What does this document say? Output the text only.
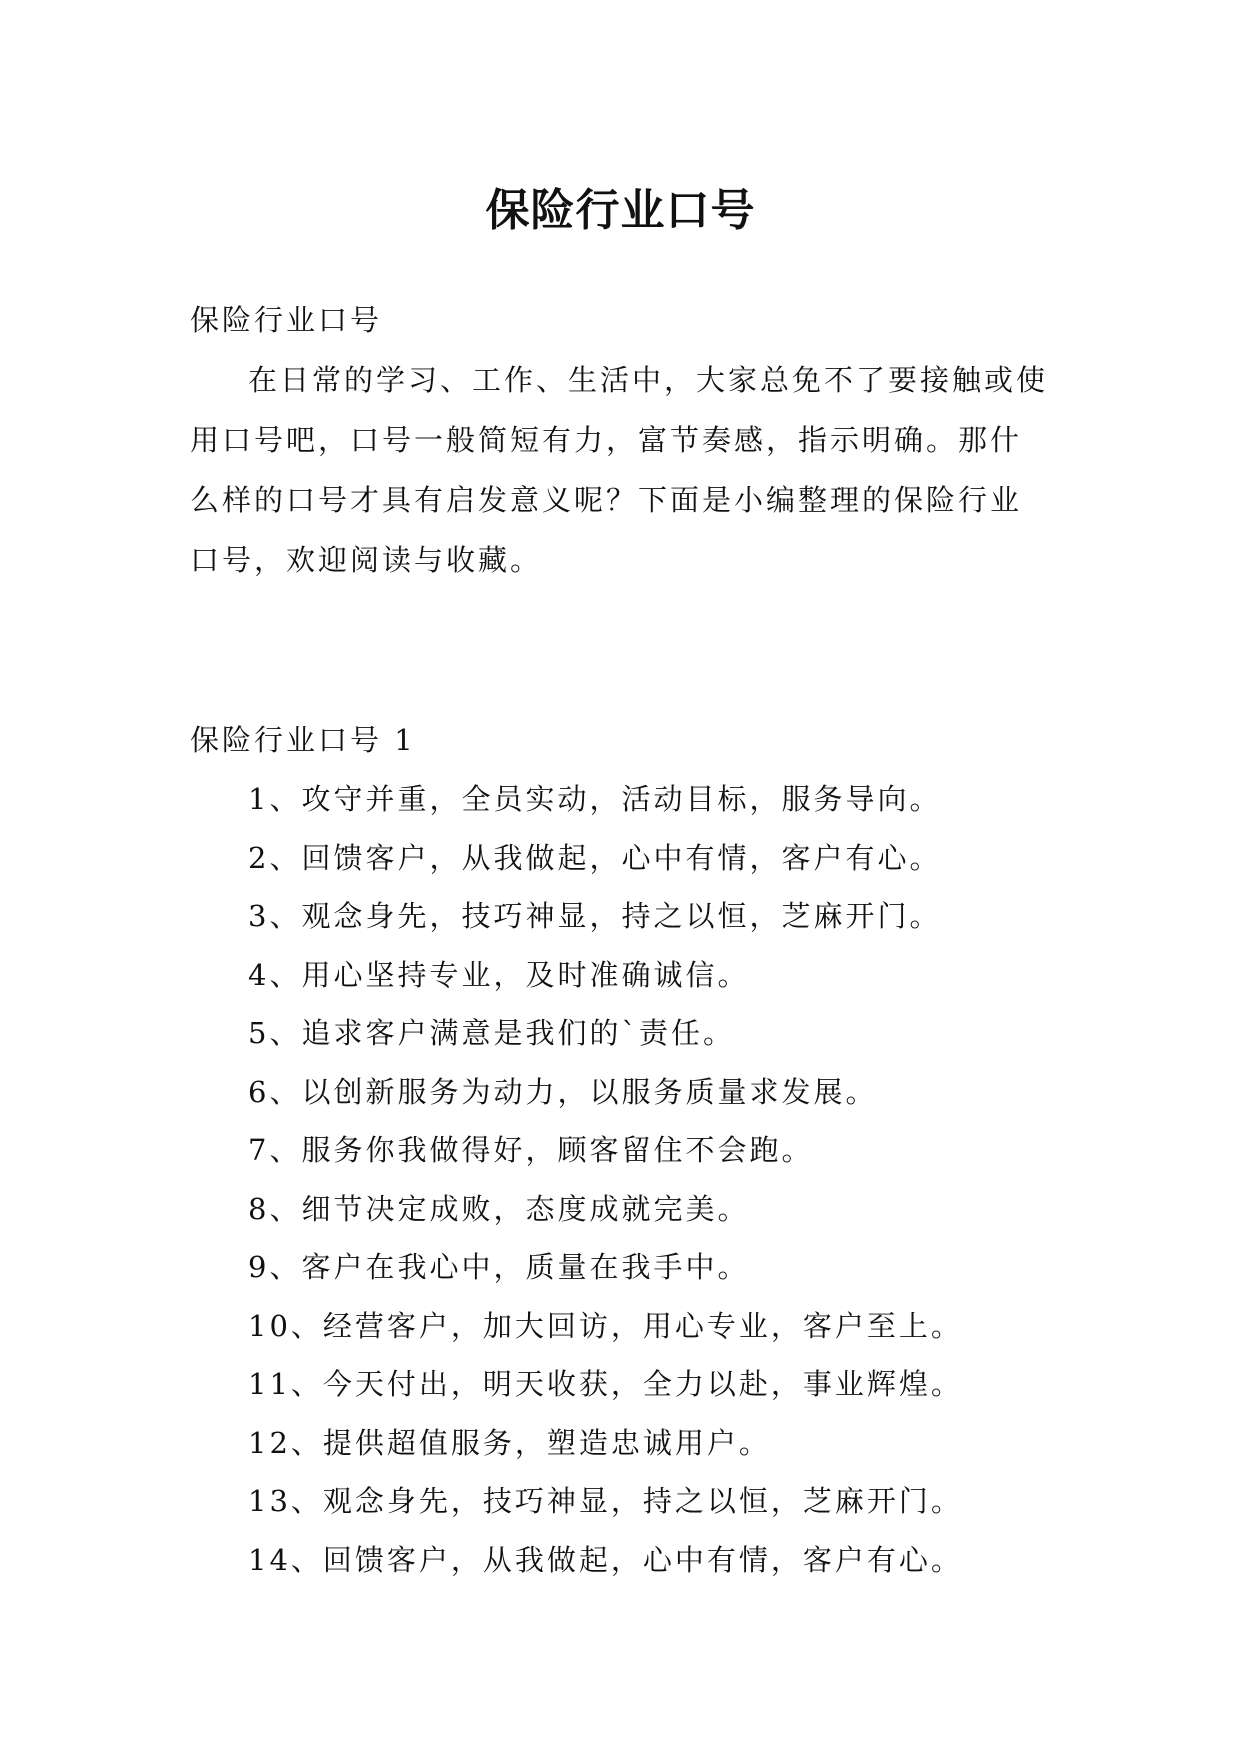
保险行业口号
保险行业口号

在日常的学习、工作、生活中，大家总免不了要接触或使用口号吧，口号一般简短有力，富节奏感，指示明确。那什么样的口号才具有启发意义呢？下面是小编整理的保险行业口号，欢迎阅读与收藏。

保险行业口号 1
1、攻守并重，全员实动，活动目标，服务导向。
2、回馈客户，从我做起，心中有情，客户有心。
3、观念身先，技巧神显，持之以恒，芝麻开门。
4、用心坚持专业，及时准确诚信。
5、追求客户满意是我们的`责任。
6、以创新服务为动力，以服务质量求发展。
7、服务你我做得好，顾客留住不会跑。
8、细节决定成败，态度成就完美。
9、客户在我心中，质量在我手中。
10、经营客户，加大回访，用心专业，客户至上。
11、今天付出，明天收获，全力以赴，事业辉煌。
12、提供超值服务，塑造忠诚用户。
13、观念身先，技巧神显，持之以恒，芝麻开门。
14、回馈客户，从我做起，心中有情，客户有心。
